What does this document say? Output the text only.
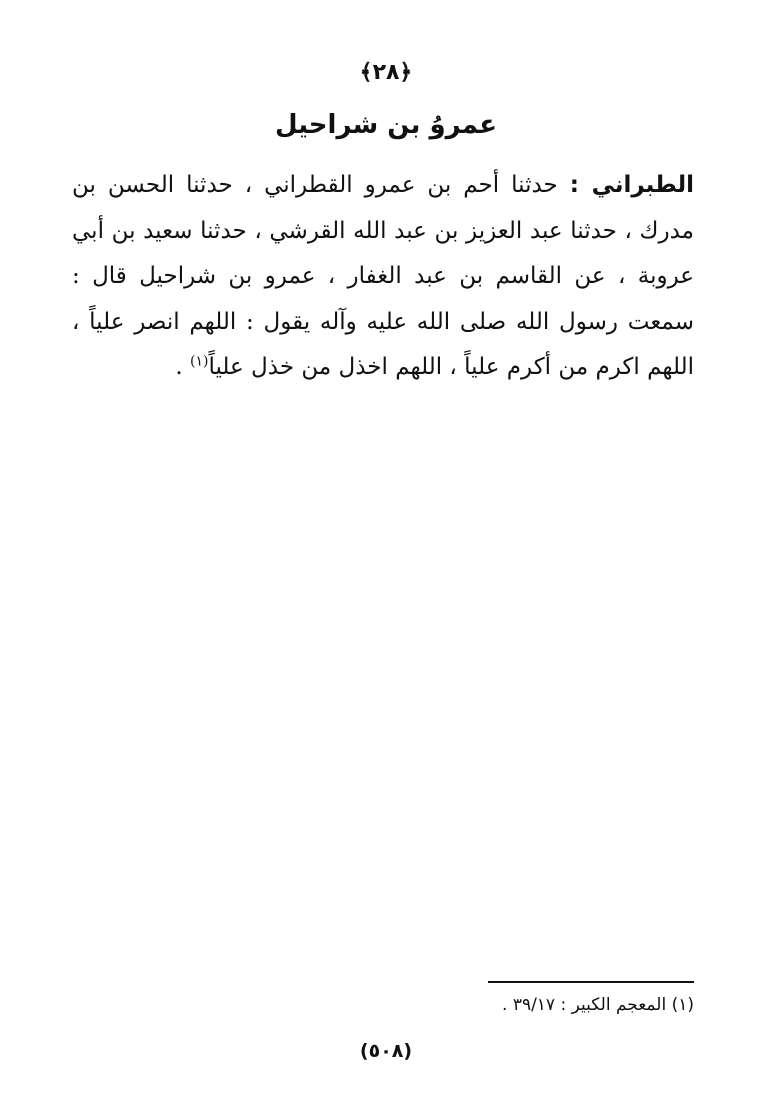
﴿٢٨﴾
عمروُ بن شراحيل
الطبراني : حدثنا أحم بن عمرو القطراني ، حدثنا الحسن بن مدرك ، حدثنا عبد العزيز بن عبد الله القرشي ، حدثنا سعيد بن أبي عروبة ، عن القاسم بن عبد الغفار ، عمرو بن شراحيل قال : سمعت رسول الله صلى الله عليه وآله يقول : اللهم انصر علياً ، اللهم اكرم من أكرم علياً ، اللهم اخذل من خذل علياً$^{(١)}$ .
(١) المعجم الكبير : ٣٩/١٧ .
(٥٠٨)
